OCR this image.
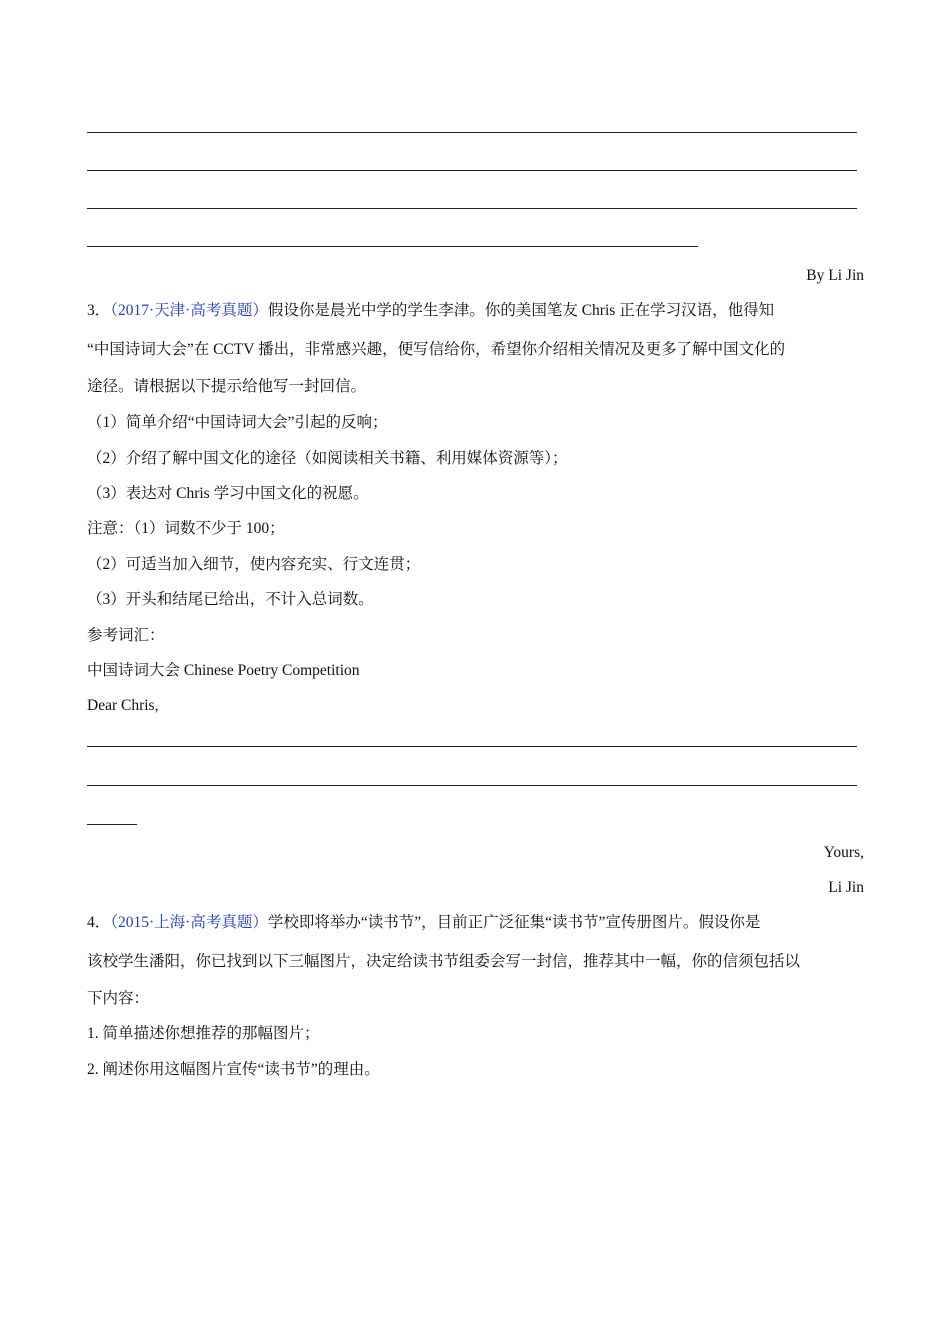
By Li Jin
3．（2017·天津·高考真题）假设你是晨光中学的学生李津。你的美国笔友 Chris 正在学习汉语，他得知
“中国诗词大会”在 CCTV 播出，非常感兴趣，便写信给你，希望你介绍相关情况及更多了解中国文化的
途径。请根据以下提示给他写一封回信。
（1）简单介绍“中国诗词大会”引起的反响；
（2）介绍了解中国文化的途径（如阅读相关书籍、利用媒体资源等）；
（3）表达对 Chris 学习中国文化的祝愿。
注意：（1）词数不少于 100；
（2）可适当加入细节，使内容充实、行文连贯；
（3）开头和结尾已给出，不计入总词数。
参考词汇：
中国诗词大会 Chinese Poetry Competition
Dear Chris,
Yours,
Li Jin
4．（2015·上海·高考真题）学校即将举办“读书节”，目前正广泛征集“读书节”宣传册图片。假设你是
该校学生潘阳，你已找到以下三幅图片，决定给读书节组委会写一封信，推荐其中一幅，你的信须包括以
下内容：
1. 简单描述你想推荐的那幅图片；
2. 阐述你用这幅图片宣传“读书节”的理由。
